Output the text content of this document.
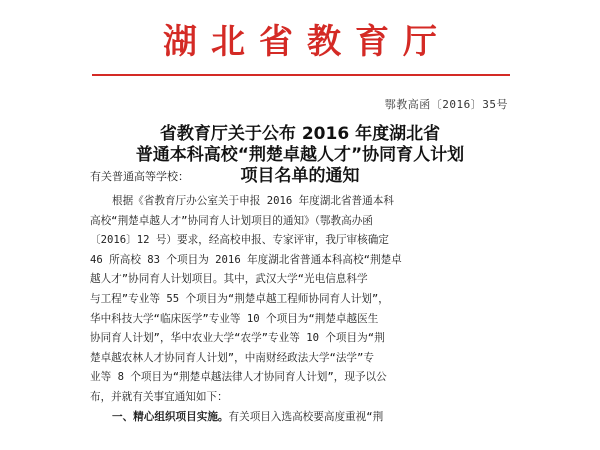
湖北省教育厅
鄂教高函〔2016〕35号
省教育厅关于公布 2016 年度湖北省
普通本科高校“荆楚卓越人才”协同育人计划
项目名单的通知
有关普通高等学校：
根据《省教育厅办公室关于申报 2016 年度湖北省普通本科
高校“荆楚卓越人才”协同育人计划项目的通知》（鄂教高办函
〔2016〕12 号）要求，经高校申报、专家评审，我厅审核确定
46 所高校 83 个项目为 2016 年度湖北省普通本科高校“荆楚卓
越人才”协同育人计划项目。其中，武汉大学“光电信息科学
与工程”专业等 55 个项目为“荆楚卓越工程师协同育人计划”，
华中科技大学“临床医学”专业等 10 个项目为“荆楚卓越医生
协同育人计划”，华中农业大学“农学”专业等 10 个项目为“荆
楚卓越农林人才协同育人计划”，中南财经政法大学“法学”专
业等 8 个项目为“荆楚卓越法律人才协同育人计划”，现予以公
布，并就有关事宜通知如下：
一、精心组织项目实施。有关项目入选高校要高度重视“荆
